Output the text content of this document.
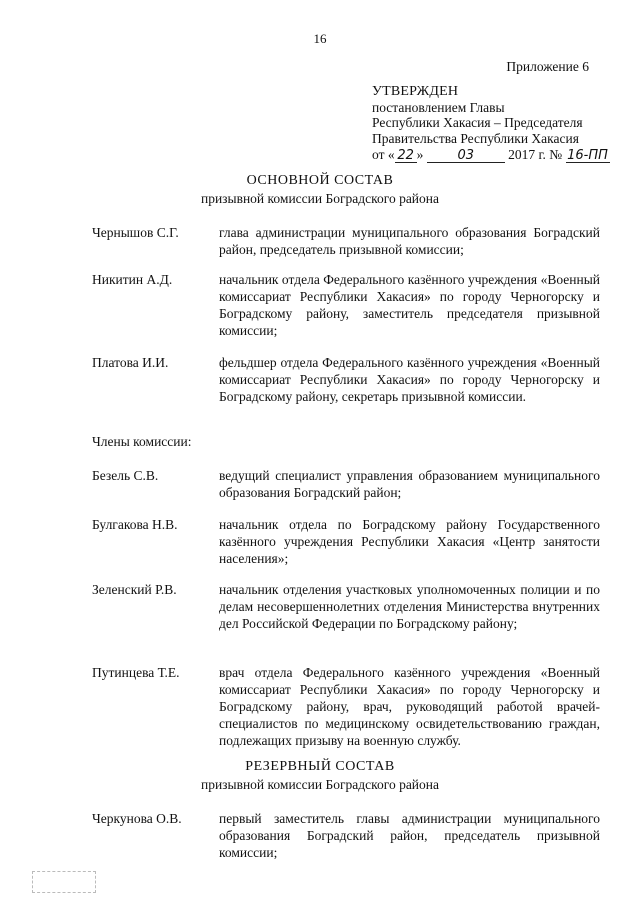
16
Приложение 6
УТВЕРЖДЕН
постановлением Главы
Республики Хакасия – Председателя
Правительства Республики Хакасия
от « 22 »	03	2017 г. № 16-ПП
ОСНОВНОЙ СОСТАВ
призывной комиссии Боградского района
Чернышов С.Г.	глава администрации муниципального образования Боградский район, председатель призывной комиссии;
Никитин А.Д.	начальник отдела Федерального казённого учреждения «Военный комиссариат Республики Хакасия» по городу Черногорску и Боградскому району, заместитель председателя призывной комиссии;
Платова И.И.	фельдшер отдела Федерального казённого учреждения «Военный комиссариат Республики Хакасия» по городу Черногорску и Боградскому району, секретарь призывной комиссии.
Члены комиссии:
Безель С.В.	ведущий специалист управления образованием муниципального образования Боградский район;
Булгакова Н.В.	начальник отдела по Боградскому району Государственного казённого учреждения Республики Хакасия «Центр занятости населения»;
Зеленский Р.В.	начальник отделения участковых уполномоченных полиции и по делам несовершеннолетних отделения Министерства внутренних дел Российской Федерации по Боградскому району;
Путинцева Т.Е.	врач отдела Федерального казённого учреждения «Военный комиссариат Республики Хакасия» по городу Черногорску и Боградскому району, врач, руководящий работой врачей-специалистов по медицинскому освидетельствованию граждан, подлежащих призыву на военную службу.
РЕЗЕРВНЫЙ СОСТАВ
призывной комиссии Боградского района
Черкунова О.В.	первый заместитель главы администрации муниципального образования Боградский район, председатель призывной комиссии;
